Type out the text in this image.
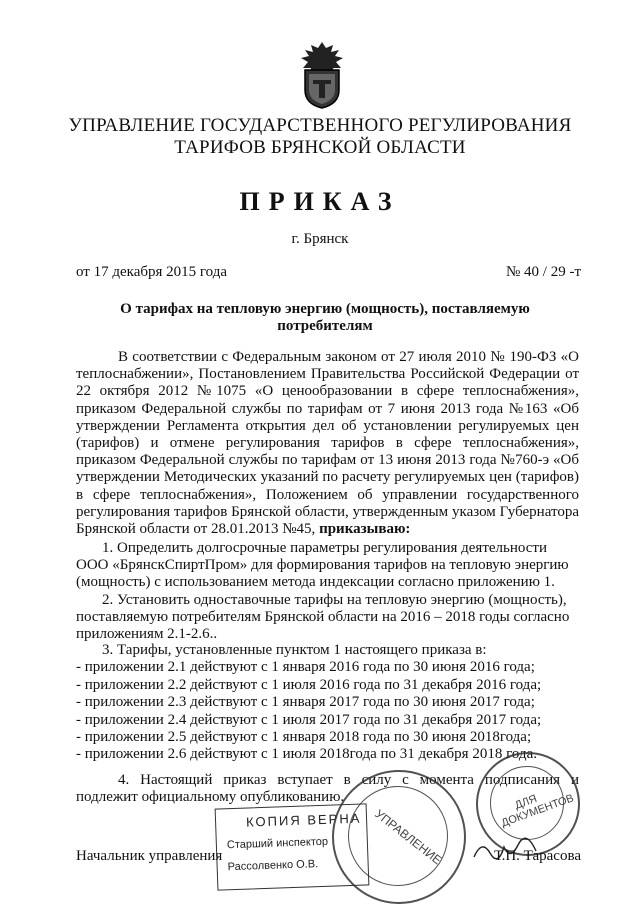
УПРАВЛЕНИЕ ГОСУДАРСТВЕННОГО РЕГУЛИРОВАНИЯ
ТАРИФОВ БРЯНСКОЙ ОБЛАСТИ
ПРИКАЗ
г. Брянск
от 17 декабря 2015 года	№ 40 / 29 -т
О тарифах на тепловую энергию (мощность), поставляемую потребителям
В соответствии с Федеральным законом от 27 июля 2010 № 190-ФЗ «О теплоснабжении», Постановлением Правительства Российской Федерации от 22 октября 2012 №1075 «О ценообразовании в сфере теплоснабжения», приказом Федеральной службы по тарифам от 7 июня 2013 года №163 «Об утверждении Регламента открытия дел об установлении регулируемых цен (тарифов) и отмене регулирования тарифов в сфере теплоснабжения», приказом Федеральной службы по тарифам от 13 июня 2013 года №760-э «Об утверждении Методических указаний по расчету регулируемых цен (тарифов) в сфере теплоснабжения», Положением об управлении государственного регулирования тарифов Брянской области, утвержденным указом Губернатора Брянской области от 28.01.2013 №45, приказываю:
1. Определить долгосрочные параметры регулирования деятельности ООО «БрянскСпиртПром» для формирования тарифов на тепловую энергию (мощность) с использованием метода индексации согласно приложению 1.
2. Установить одноставочные тарифы на тепловую энергию (мощность), поставляемую потребителям Брянской области на 2016 – 2018 годы согласно приложениям 2.1-2.6..
3. Тарифы, установленные пунктом 1 настоящего приказа в:
- приложении 2.1 действуют с 1 января 2016 года по 30 июня 2016 года;
- приложении 2.2 действуют с 1 июля 2016 года по 31 декабря 2016 года;
- приложении 2.3 действуют с 1 января 2017 года по 30 июня 2017 года;
- приложении 2.4 действуют с 1 июля 2017 года по 31 декабря 2017 года;
- приложении 2.5 действуют с 1 января 2018 года по 30 июня 2018года;
- приложении 2.6 действуют с 1 июля 2018года по 31 декабря 2018 года.
4. Настоящий приказ вступает в силу с момента подписания и подлежит официальному опубликованию.
КОПИЯ ВЕРНА
Старший инспектор
Рассолвенко О.В.	УПРАВЛЕНИЕ
ДЛЯ ДОКУМЕНТОВ
Начальник управления	Т.П. Тарасова
